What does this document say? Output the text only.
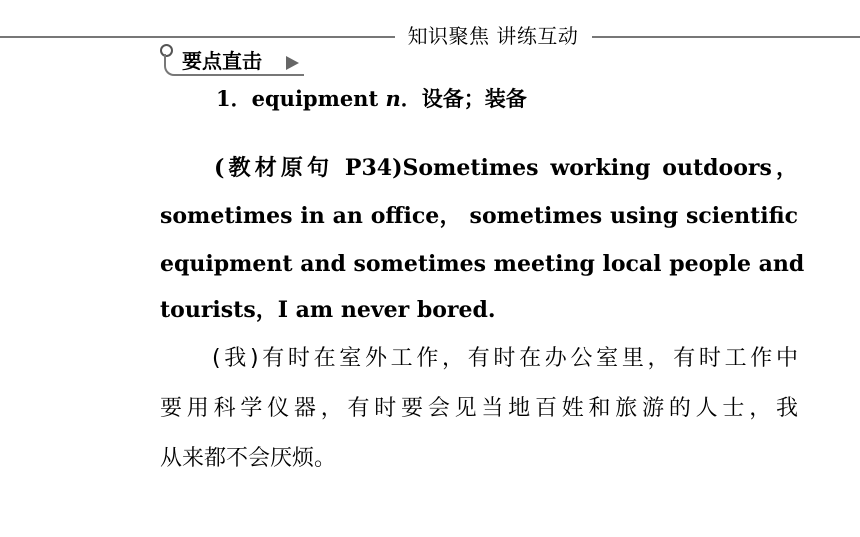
知识聚焦 讲练互动
要点直击
1．equipment n．设备；装备
(教材原句 P34)Sometimes working outdoors，
sometimes in an office， sometimes using scientific
equipment and sometimes meeting local people and
tourists，I am never bored.
(我)有时在室外工作，有时在办公室里，有时工作中
要用科学仪器，有时要会见当地百姓和旅游的人士，我
从来都不会厌烦。
